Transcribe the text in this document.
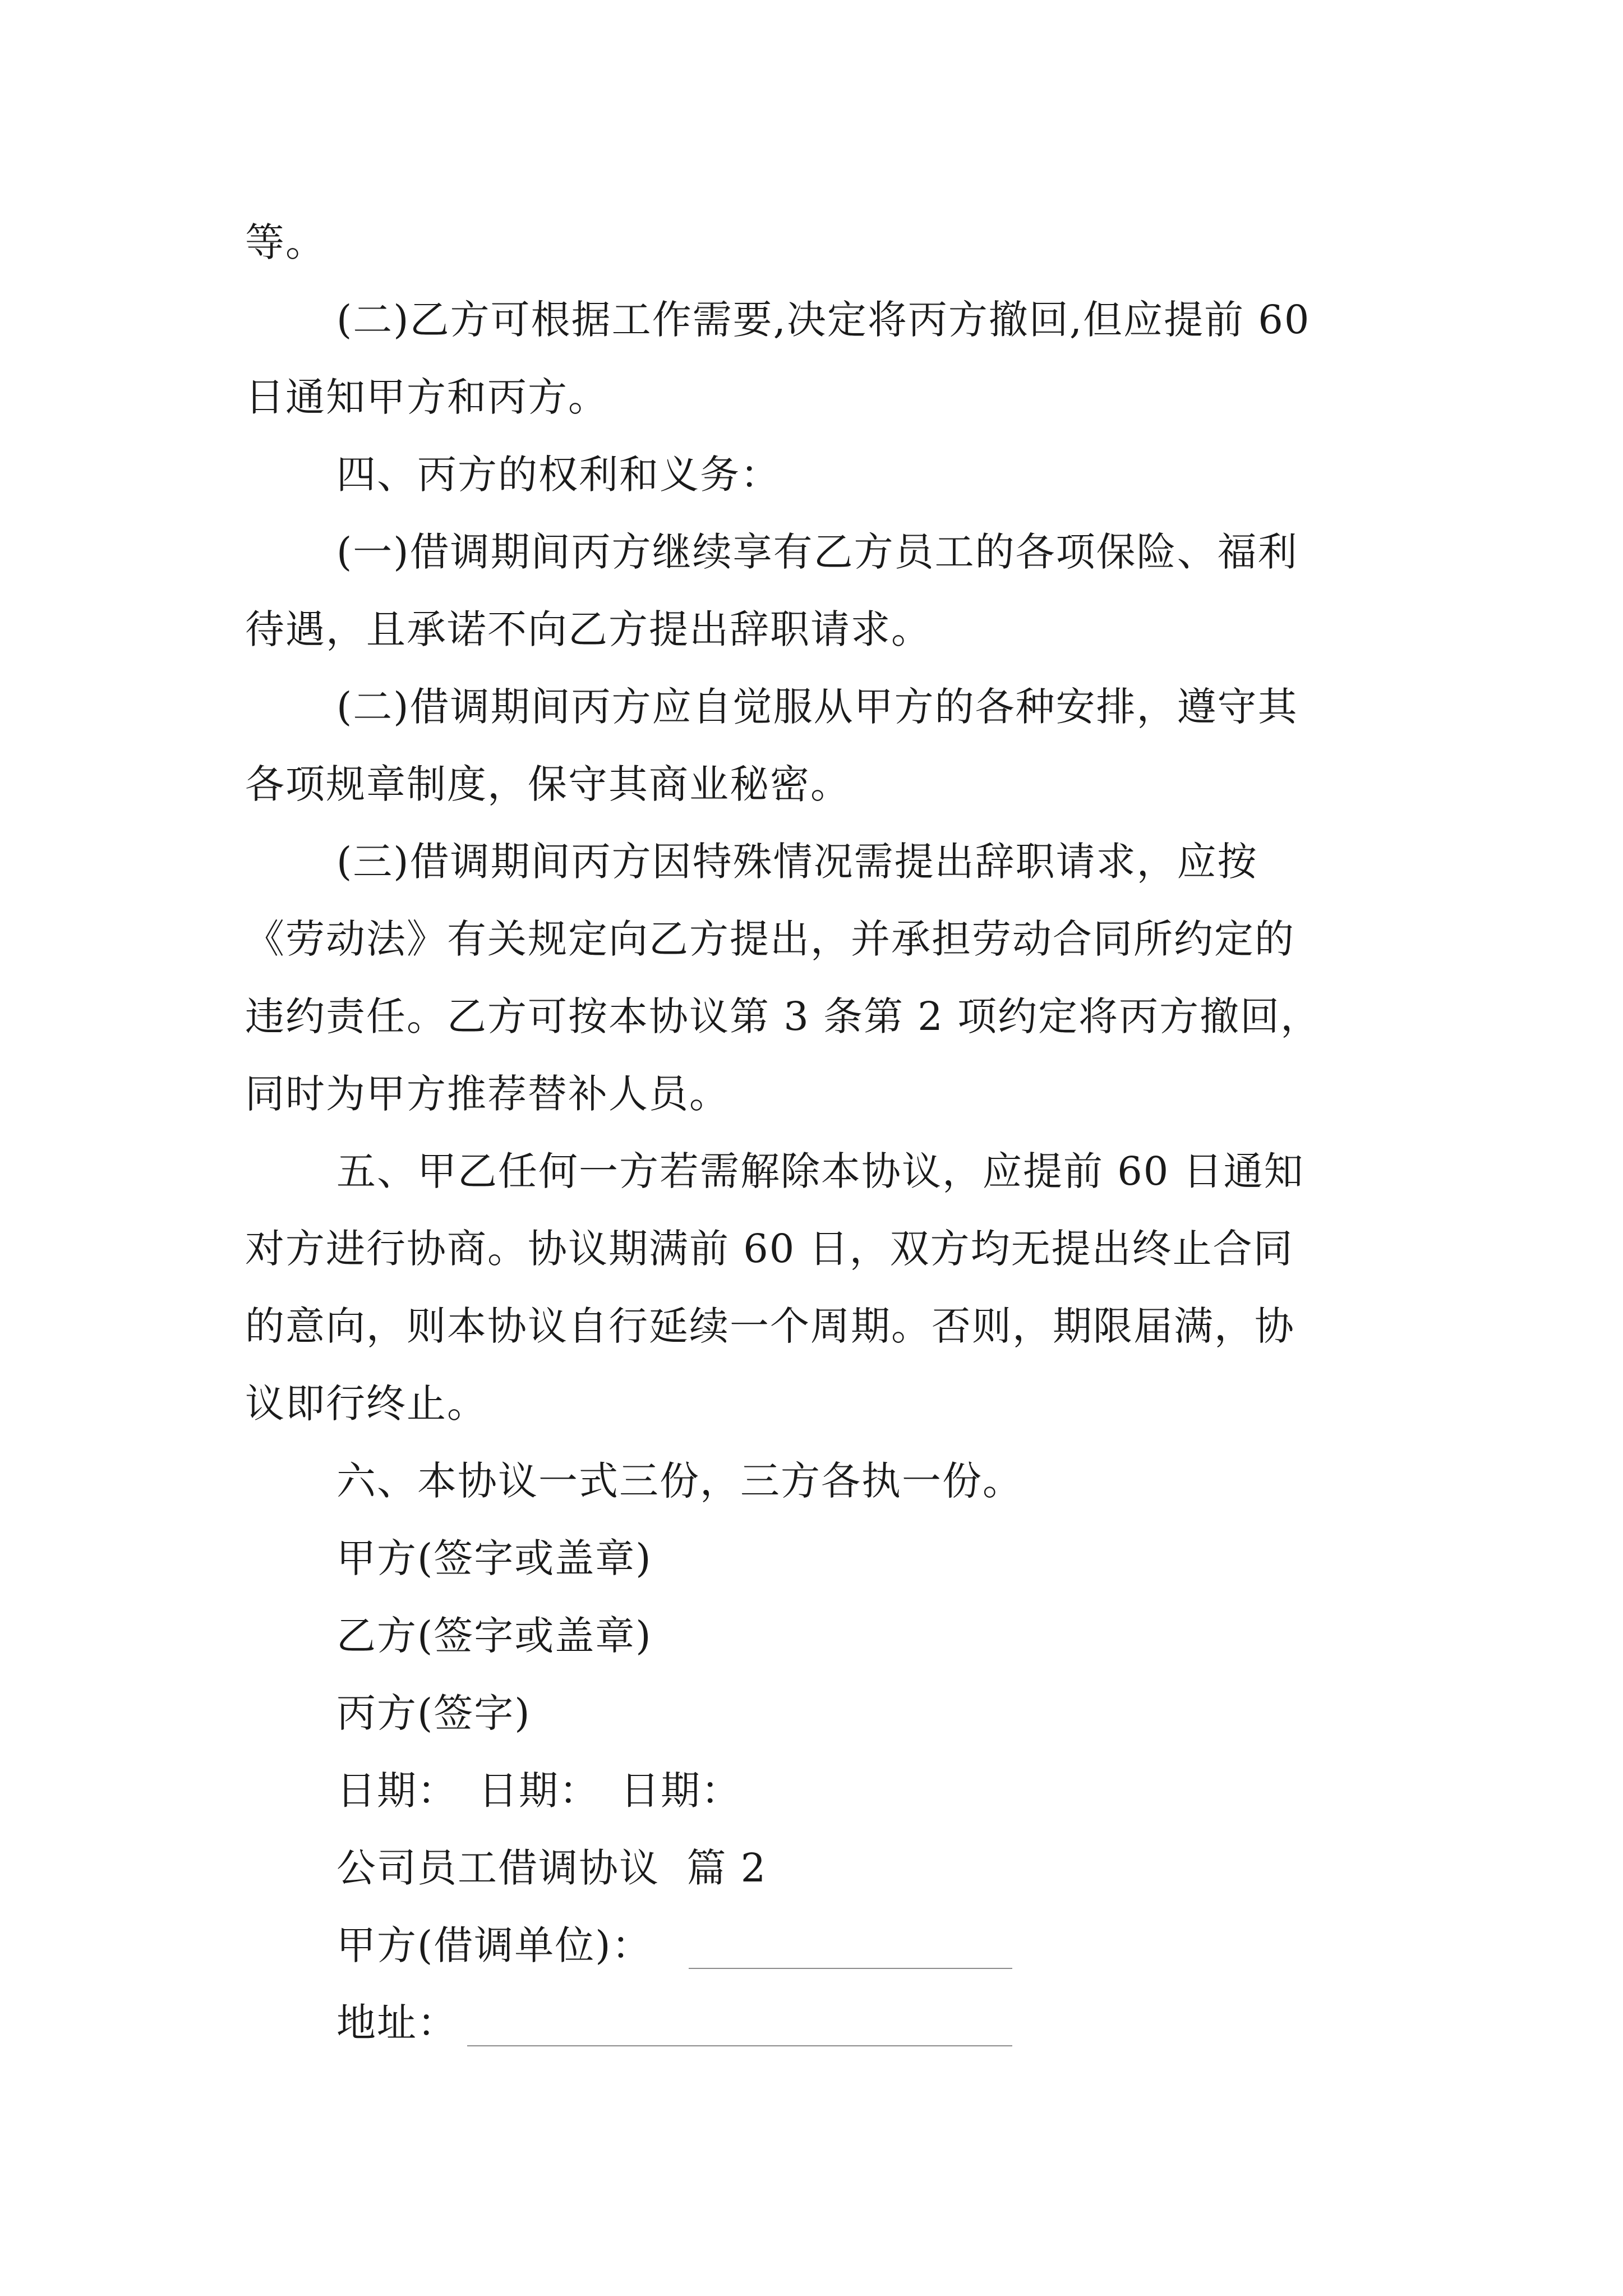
等。
(二)乙方可根据工作需要,决定将丙方撤回,但应提前 60
日通知甲方和丙方。
四、丙方的权利和义务：
(一)借调期间丙方继续享有乙方员工的各项保险、福利
待遇，且承诺不向乙方提出辞职请求。
(二)借调期间丙方应自觉服从甲方的各种安排，遵守其
各项规章制度，保守其商业秘密。
(三)借调期间丙方因特殊情况需提出辞职请求，应按
《劳动法》有关规定向乙方提出，并承担劳动合同所约定的
违约责任。乙方可按本协议第 3 条第 2 项约定将丙方撤回，
同时为甲方推荐替补人员。
五、甲乙任何一方若需解除本协议，应提前 60 日通知
对方进行协商。协议期满前 60 日，双方均无提出终止合同
的意向，则本协议自行延续一个周期。否则，期限届满，协
议即行终止。
六、本协议一式三份，三方各执一份。
甲方(签字或盖章)
乙方(签字或盖章)
丙方(签字)
日期：　日期：　日期：
公司员工借调协议  篇 2
甲方(借调单位)：
地址：
